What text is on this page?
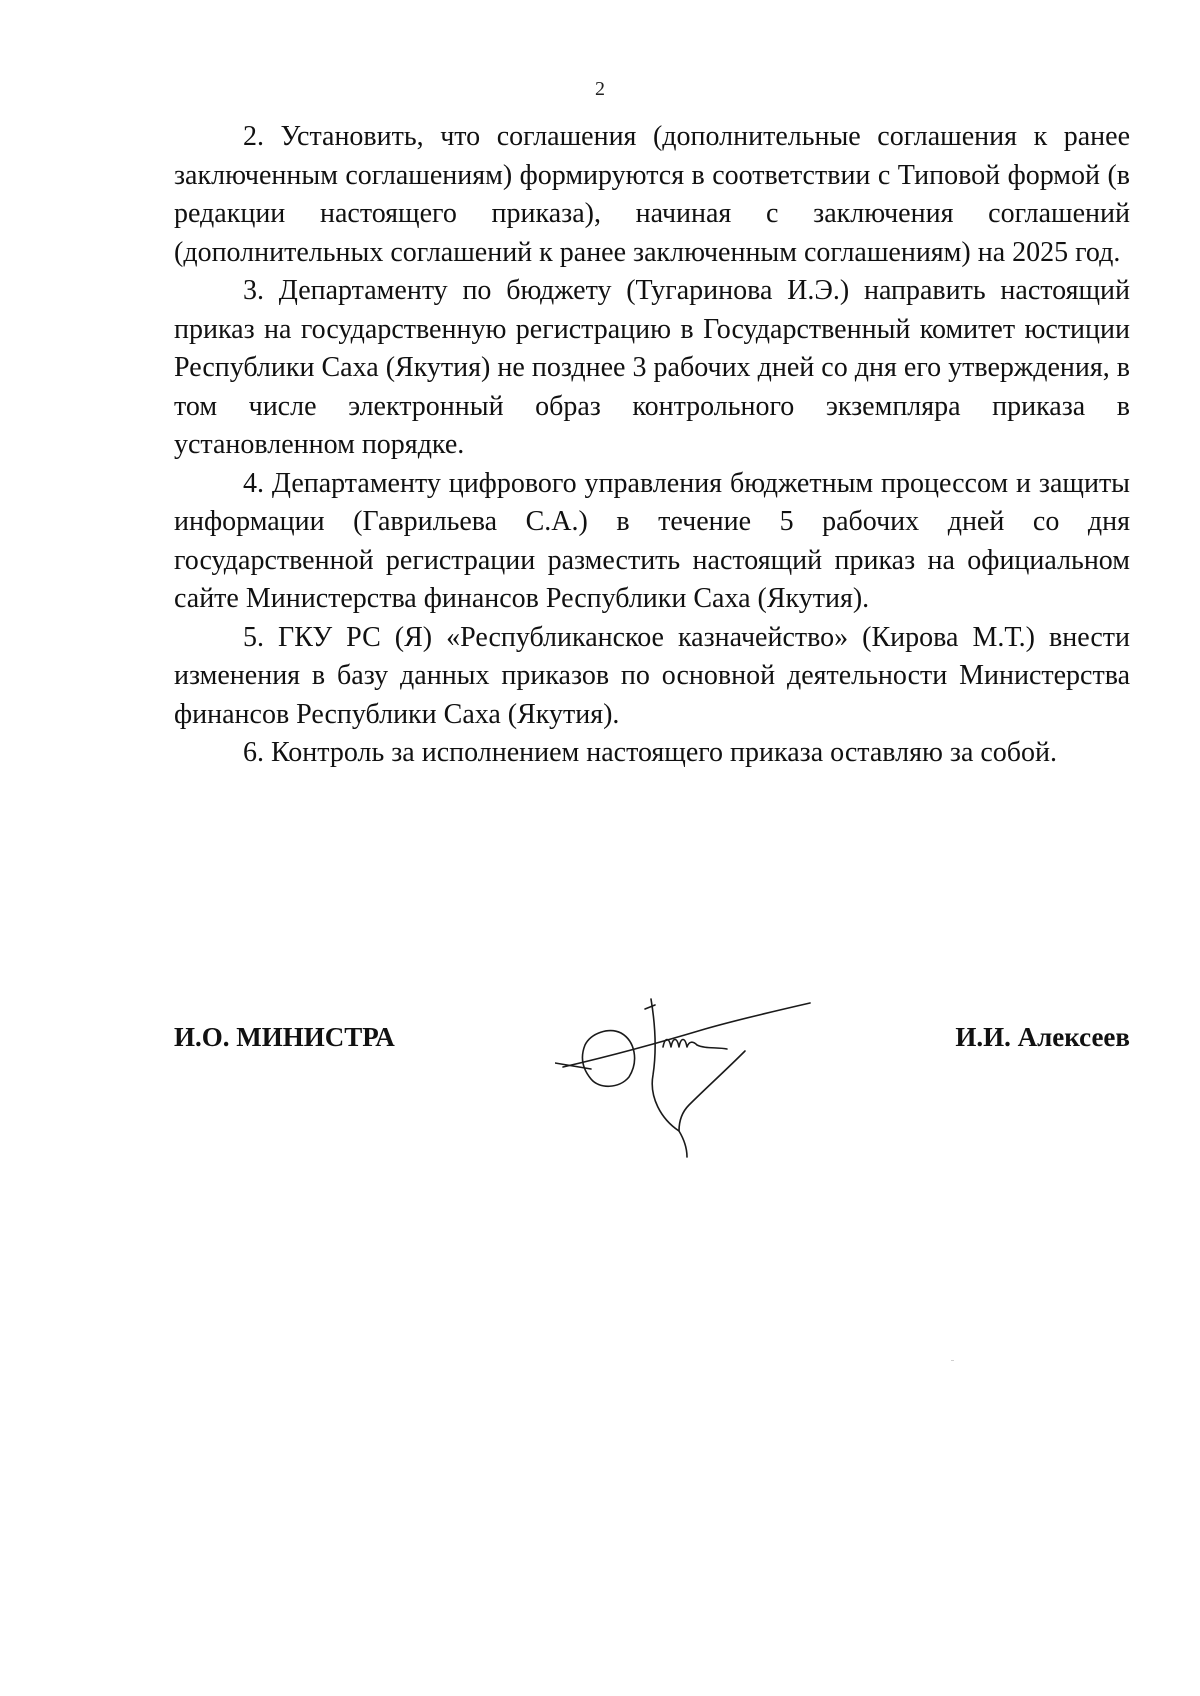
2

2. Установить, что соглашения (дополнительные соглашения к ранее заключенным соглашениям) формируются в соответствии с Типовой формой (в редакции настоящего приказа), начиная с заключения соглашений (дополнительных соглашений к ранее заключенным соглашениям) на 2025 год.

3. Департаменту по бюджету (Тугаринова И.Э.) направить настоящий приказ на государственную регистрацию в Государственный комитет юстиции Республики Саха (Якутия) не позднее 3 рабочих дней со дня его утверждения, в том числе электронный образ контрольного экземпляра приказа в установленном порядке.

4. Департаменту цифрового управления бюджетным процессом и защиты информации (Гаврильева С.А.) в течение 5 рабочих дней со дня государственной регистрации разместить настоящий приказ на официальном сайте Министерства финансов Республики Саха (Якутия).

5. ГКУ РС (Я) «Республиканское казначейство» (Кирова М.Т.) внести изменения в базу данных приказов по основной деятельности Министерства финансов Республики Саха (Якутия).

6. Контроль за исполнением настоящего приказа оставляю за собой.

И.О. МИНИСТРА	И.И. Алексеев
